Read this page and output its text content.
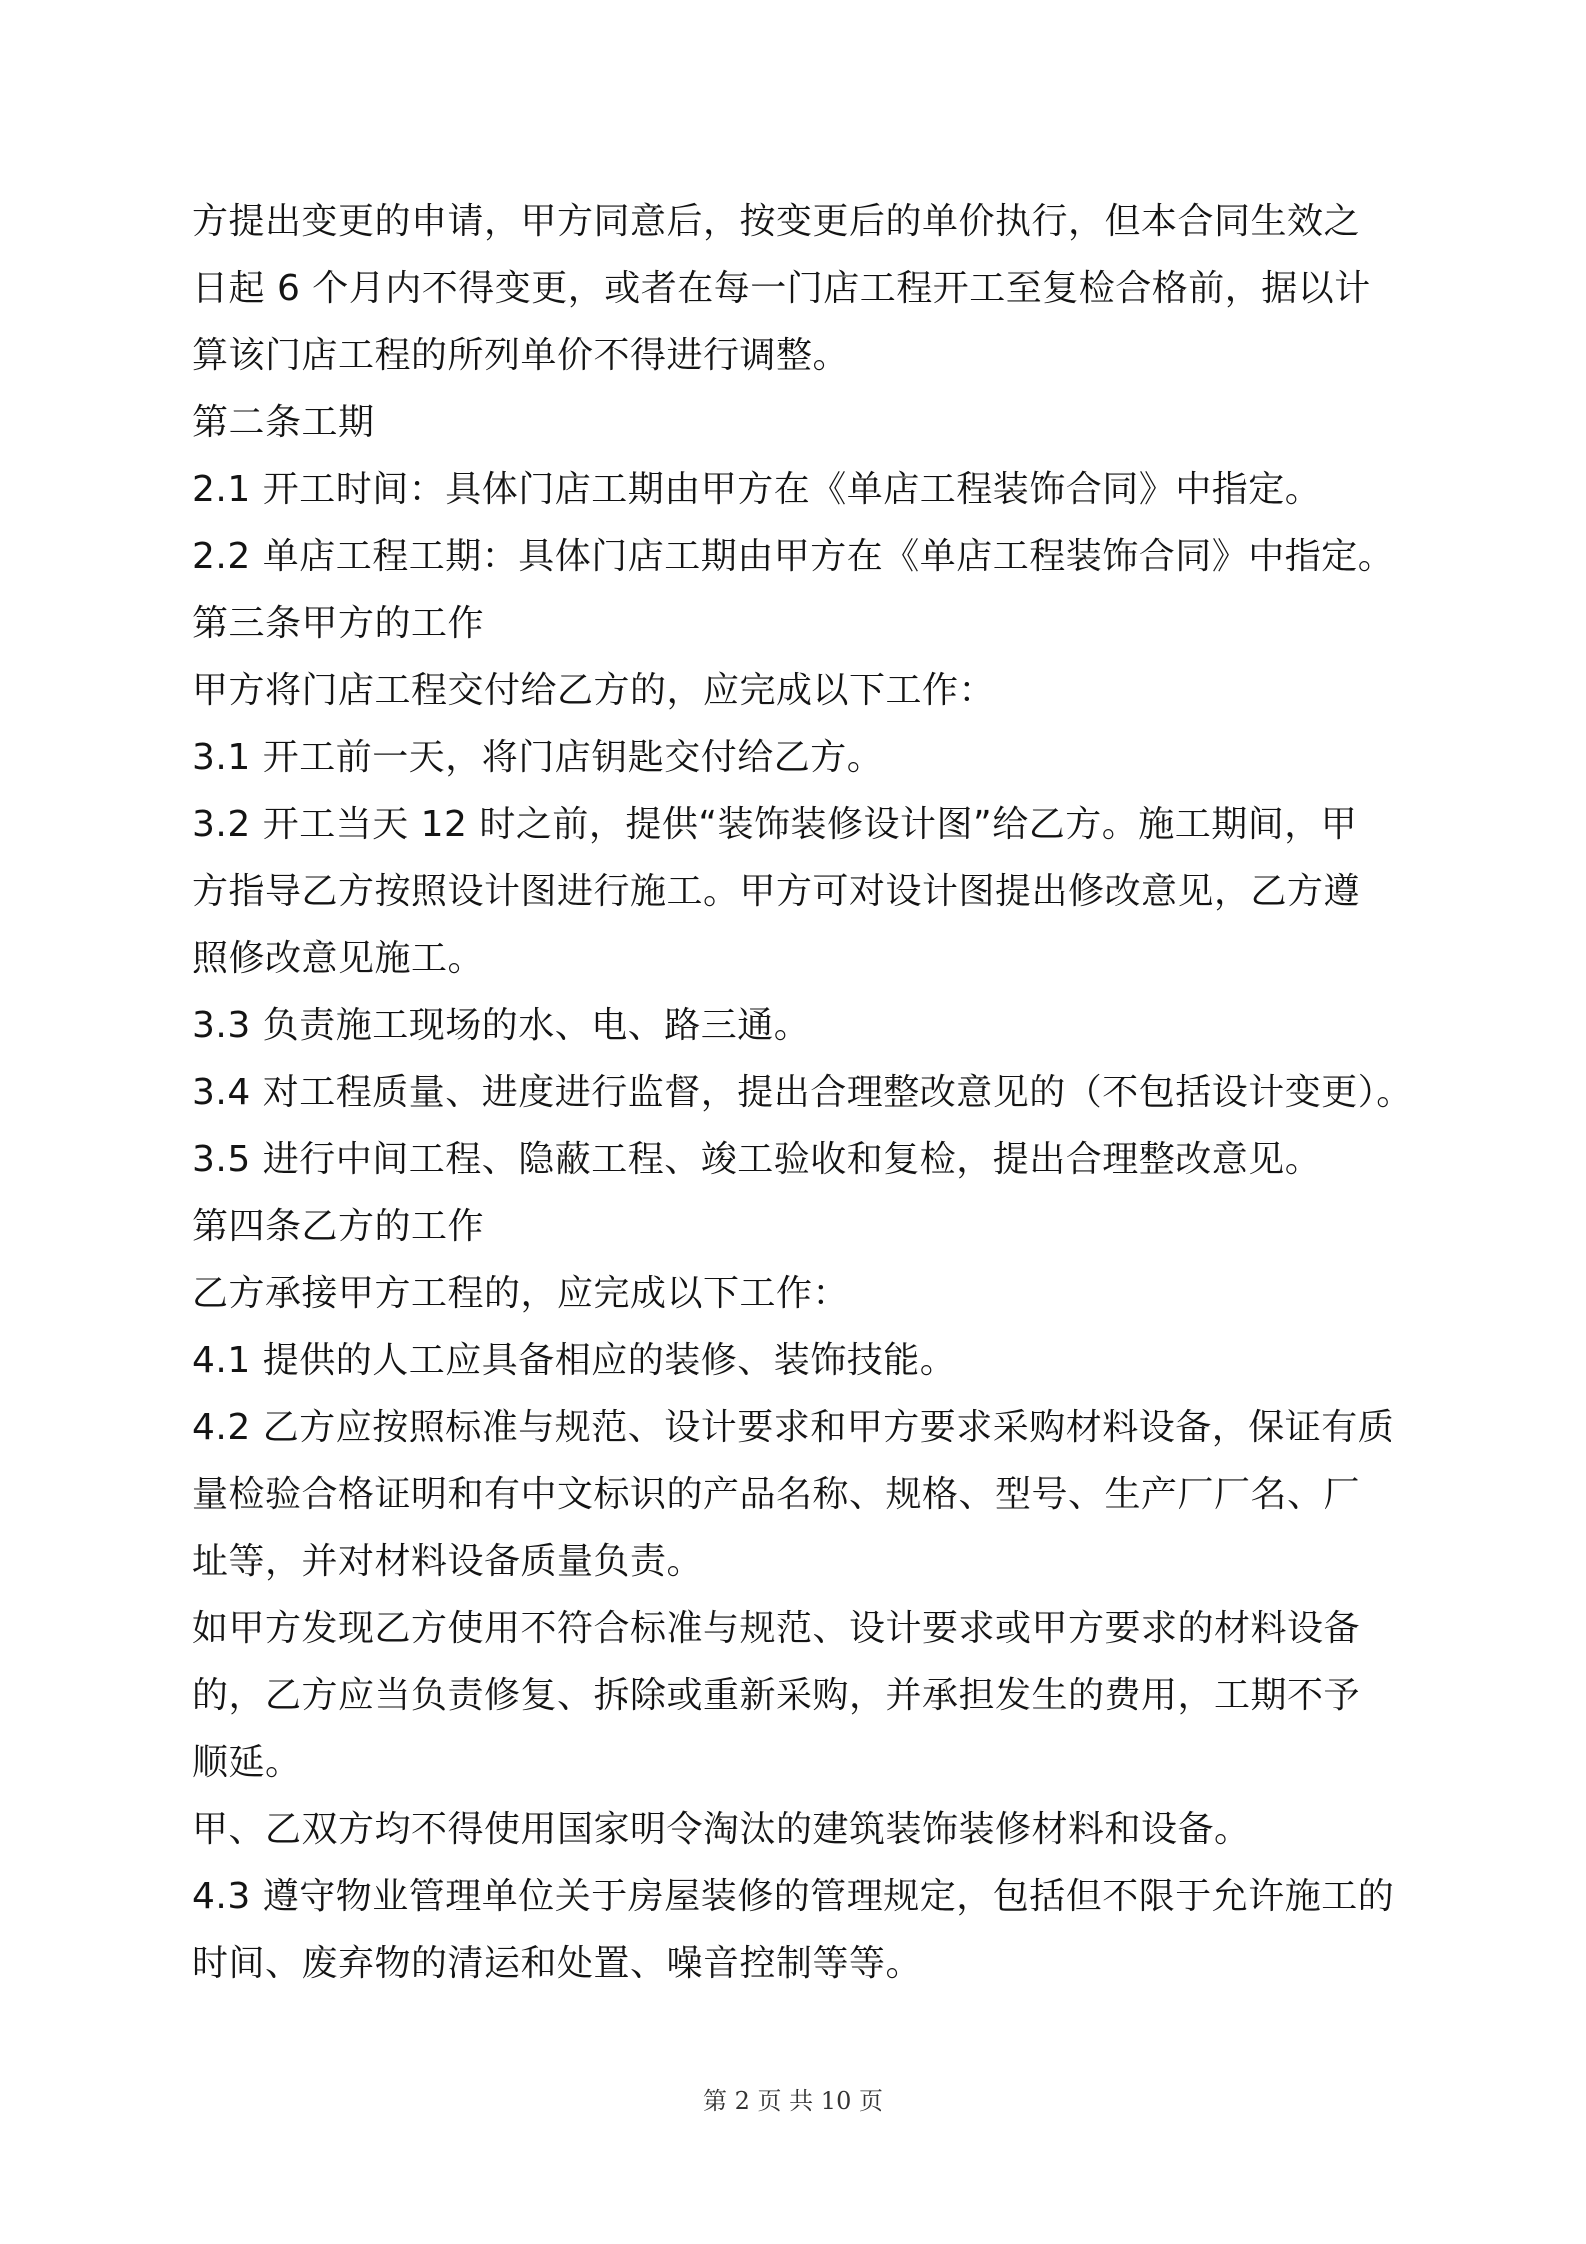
方提出变更的申请，甲方同意后，按变更后的单价执行，但本合同生效之
日起 6 个月内不得变更，或者在每一门店工程开工至复检合格前，据以计
算该门店工程的所列单价不得进行调整。
第二条工期
2.1 开工时间：具体门店工期由甲方在《单店工程装饰合同》中指定。
2.2 单店工程工期：具体门店工期由甲方在《单店工程装饰合同》中指定。
第三条甲方的工作
甲方将门店工程交付给乙方的，应完成以下工作：
3.1 开工前一天，将门店钥匙交付给乙方。
3.2 开工当天 12 时之前，提供“装饰装修设计图”给乙方。施工期间，甲
方指导乙方按照设计图进行施工。甲方可对设计图提出修改意见，乙方遵
照修改意见施工。
3.3 负责施工现场的水、电、路三通。
3.4 对工程质量、进度进行监督，提出合理整改意见的（不包括设计变更）。
3.5 进行中间工程、隐蔽工程、竣工验收和复检，提出合理整改意见。
第四条乙方的工作
乙方承接甲方工程的，应完成以下工作：
4.1 提供的人工应具备相应的装修、装饰技能。
4.2 乙方应按照标准与规范、设计要求和甲方要求采购材料设备，保证有质
量检验合格证明和有中文标识的产品名称、规格、型号、生产厂厂名、厂
址等，并对材料设备质量负责。
如甲方发现乙方使用不符合标准与规范、设计要求或甲方要求的材料设备
的，乙方应当负责修复、拆除或重新采购，并承担发生的费用，工期不予
顺延。
甲、乙双方均不得使用国家明令淘汰的建筑装饰装修材料和设备。
4.3 遵守物业管理单位关于房屋装修的管理规定，包括但不限于允许施工的
时间、废弃物的清运和处置、噪音控制等等。
第 2 页 共 10 页
